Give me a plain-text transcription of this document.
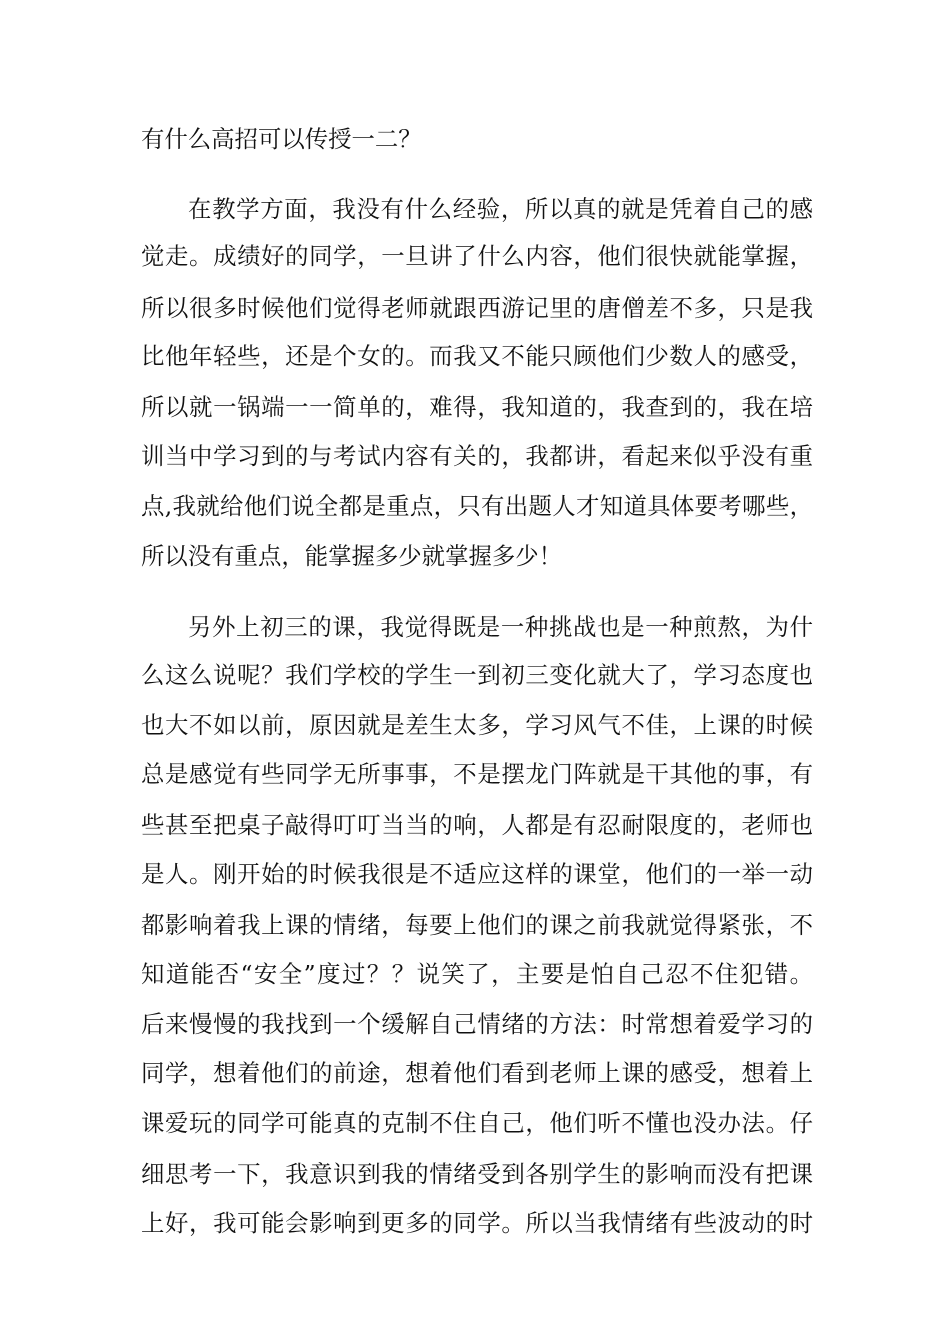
有什么高招可以传授一二？
在教学方面，我没有什么经验，所以真的就是凭着自己的感
觉走。成绩好的同学，一旦讲了什么内容，他们很快就能掌握，
所以很多时候他们觉得老师就跟西游记里的唐僧差不多，只是我
比他年轻些，还是个女的。而我又不能只顾他们少数人的感受，
所以就一锅端一一简单的，难得，我知道的，我查到的，我在培
训当中学习到的与考试内容有关的，我都讲，看起来似乎没有重
点,我就给他们说全都是重点，只有出题人才知道具体要考哪些，
所以没有重点，能掌握多少就掌握多少！
另外上初三的课，我觉得既是一种挑战也是一种煎熬，为什
么这么说呢？我们学校的学生一到初三变化就大了，学习态度也
也大不如以前，原因就是差生太多，学习风气不佳，上课的时候
总是感觉有些同学无所事事，不是摆龙门阵就是干其他的事，有
些甚至把桌子敲得叮叮当当的响，人都是有忍耐限度的，老师也
是人。刚开始的时候我很是不适应这样的课堂，他们的一举一动
都影响着我上课的情绪，每要上他们的课之前我就觉得紧张，不
知道能否“安全”度过？？说笑了，主要是怕自己忍不住犯错。
后来慢慢的我找到一个缓解自己情绪的方法：时常想着爱学习的
同学，想着他们的前途，想着他们看到老师上课的感受，想着上
课爱玩的同学可能真的克制不住自己，他们听不懂也没办法。仔
细思考一下，我意识到我的情绪受到各别学生的影响而没有把课
上好，我可能会影响到更多的同学。所以当我情绪有些波动的时
